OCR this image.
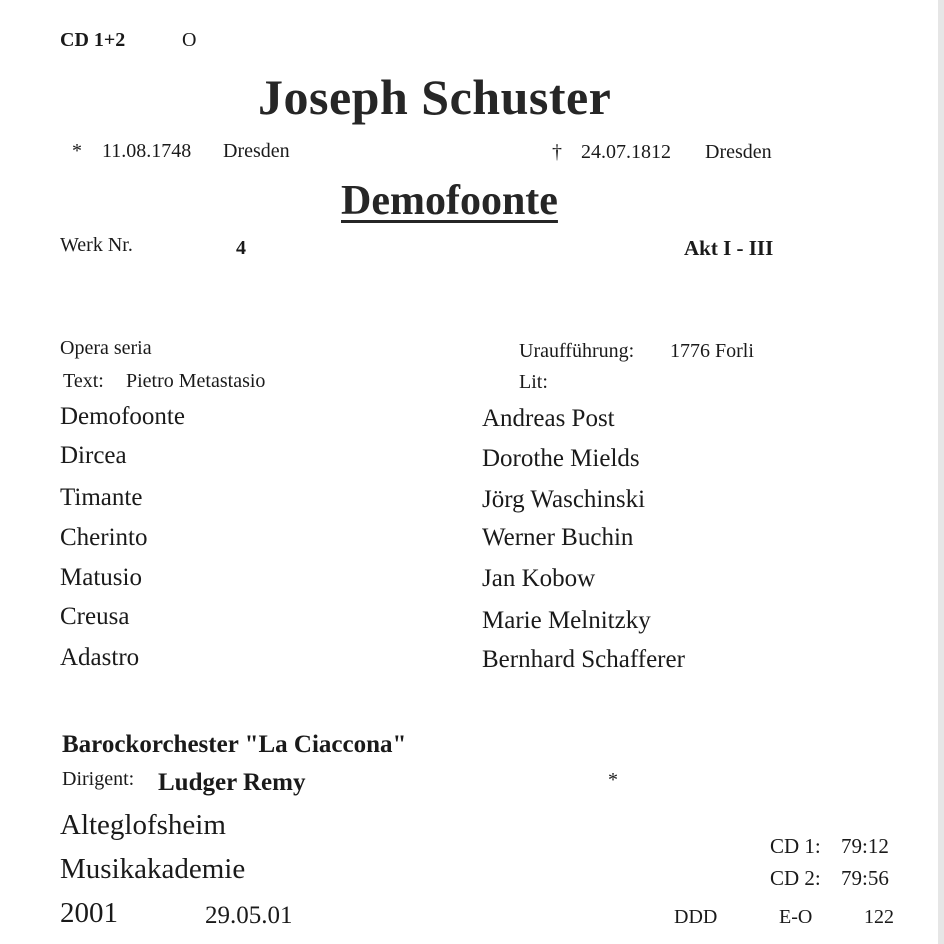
CD 1+2	O
Joseph Schuster
* 11.08.1748 Dresden	† 24.07.1812 Dresden
Demofoonte
Werk Nr.	4	Akt I - III
Opera seria
Text: Pietro Metastasio
Uraufführung: 1776 Forli
Lit:
Demofoonte	Andreas Post
Dircea	Dorothe Mields
Timante	Jörg Waschinski
Cherinto	Werner Buchin
Matusio	Jan Kobow
Creusa	Marie Melnitzky
Adastro	Bernhard Schafferer
Barockorchester "La Ciaccona"
Dirigent: Ludger Remy	*
Alteglofsheim
Musikakademie
2001	29.05.01
CD 1: 79:12
CD 2: 79:56
DDD	E-O	122
